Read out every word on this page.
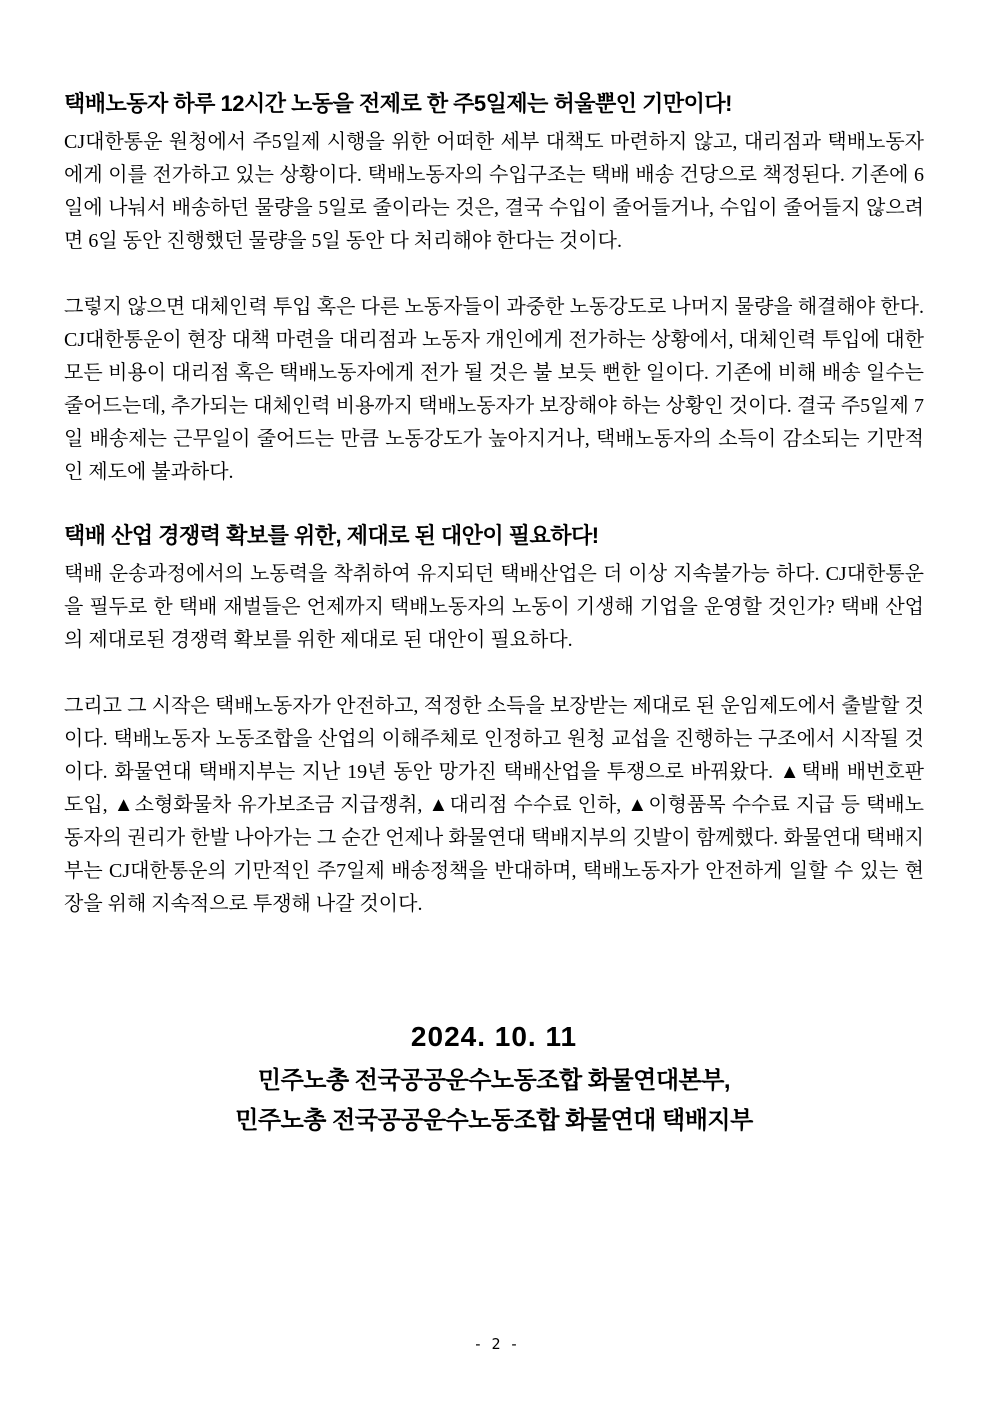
택배노동자 하루 12시간 노동을 전제로 한 주5일제는 허울뿐인 기만이다!

CJ대한통운 원청에서 주5일제 시행을 위한 어떠한 세부 대책도 마련하지 않고, 대리점과 택배노동자에게 이를 전가하고 있는 상황이다. 택배노동자의 수입구조는 택배 배송 건당으로 책정된다. 기존에 6일에 나눠서 배송하던 물량을 5일로 줄이라는 것은, 결국 수입이 줄어들거나, 수입이 줄어들지 않으려면 6일 동안 진행했던 물량을 5일 동안 다 처리해야 한다는 것이다.

그렇지 않으면 대체인력 투입 혹은 다른 노동자들이 과중한 노동강도로 나머지 물량을 해결해야 한다. CJ대한통운이 현장 대책 마련을 대리점과 노동자 개인에게 전가하는 상황에서, 대체인력 투입에 대한 모든 비용이 대리점 혹은 택배노동자에게 전가 될 것은 불 보듯 뻔한 일이다. 기존에 비해 배송 일수는 줄어드는데, 추가되는 대체인력 비용까지 택배노동자가 보장해야 하는 상황인 것이다. 결국 주5일제 7일 배송제는 근무일이 줄어드는 만큼 노동강도가 높아지거나, 택배노동자의 소득이 감소되는 기만적인 제도에 불과하다.

택배 산업 경쟁력 확보를 위한, 제대로 된 대안이 필요하다!

택배 운송과정에서의 노동력을 착취하여 유지되던 택배산업은 더 이상 지속불가능 하다. CJ대한통운을 필두로 한 택배 재벌들은 언제까지 택배노동자의 노동이 기생해 기업을 운영할 것인가? 택배 산업의 제대로된 경쟁력 확보를 위한 제대로 된 대안이 필요하다.

그리고 그 시작은 택배노동자가 안전하고, 적정한 소득을 보장받는 제대로 된 운임제도에서 출발할 것이다. 택배노동자 노동조합을 산업의 이해주체로 인정하고 원청 교섭을 진행하는 구조에서 시작될 것이다. 화물연대 택배지부는 지난 19년 동안 망가진 택배산업을 투쟁으로 바꿔왔다. ▲택배 배번호판 도입, ▲소형화물차 유가보조금 지급쟁취, ▲대리점 수수료 인하, ▲이형품목 수수료 지급 등 택배노동자의 권리가 한발 나아가는 그 순간 언제나 화물연대 택배지부의 깃발이 함께했다. 화물연대 택배지부는 CJ대한통운의 기만적인 주7일제 배송정책을 반대하며, 택배노동자가 안전하게 일할 수 있는 현장을 위해 지속적으로 투쟁해 나갈 것이다.

2024. 10. 11
민주노총 전국공공운수노동조합 화물연대본부,
민주노총 전국공공운수노동조합 화물연대 택배지부
- 2 -
